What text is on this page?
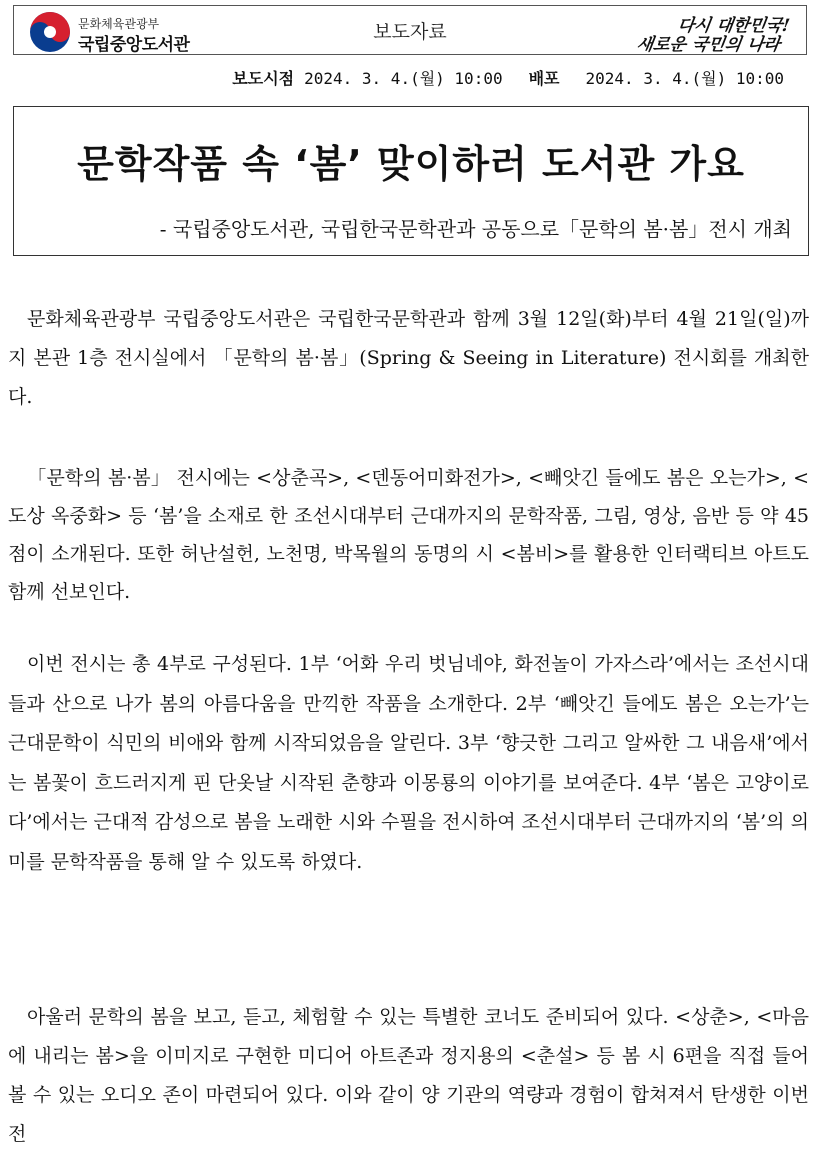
문화체육관광부
국립중앙도서관
보도자료	다시 대한민국!
새로운 국민의 나라
보도시점 2024. 3. 4.(월) 10:00 배포 2024. 3. 4.(월) 10:00
문학작품 속 ‘봄’ 맞이하러 도서관 가요
- 국립중앙도서관, 국립한국문학관과 공동으로「문학의 봄·봄」전시 개최

문화체육관광부 국립중앙도서관은 국립한국문학관과 함께 3월 12일(화)부터 4월 21일(일)까지 본관 1층 전시실에서 「문학의 봄·봄」(Spring & Seeing in Literature) 전시회를 개최한다.

「문학의 봄·봄」 전시에는 <상춘곡>, <덴동어미화전가>, <빼앗긴 들에도 봄은 오는가>, <도상 옥중화> 등 ‘봄’을 소재로 한 조선시대부터 근대까지의 문학작품, 그림, 영상, 음반 등 약 45점이 소개된다. 또한 허난설헌, 노천명, 박목월의 동명의 시 <봄비>를 활용한 인터랙티브 아트도 함께 선보인다.

이번 전시는 총 4부로 구성된다. 1부 ‘어화 우리 벗님네야, 화전놀이 가자스라’에서는 조선시대 들과 산으로 나가 봄의 아름다움을 만끽한 작품을 소개한다. 2부 ‘빼앗긴 들에도 봄은 오는가’는 근대문학이 식민의 비애와 함께 시작되었음을 알린다. 3부 ‘향긋한 그리고 알싸한 그 내음새’에서는 봄꽃이 흐드러지게 핀 단옷날 시작된 춘향과 이몽룡의 이야기를 보여준다. 4부 ‘봄은 고양이로다’에서는 근대적 감성으로 봄을 노래한 시와 수필을 전시하여 조선시대부터 근대까지의 ‘봄’의 의미를 문학작품을 통해 알 수 있도록 하였다.

아울러 문학의 봄을 보고, 듣고, 체험할 수 있는 특별한 코너도 준비되어 있다. <상춘>, <마음에 내리는 봄>을 이미지로 구현한 미디어 아트존과 정지용의 <춘설> 등 봄 시 6편을 직접 들어볼 수 있는 오디오 존이 마련되어 있다. 이와 같이 양 기관의 역량과 경험이 합쳐져서 탄생한 이번 전
